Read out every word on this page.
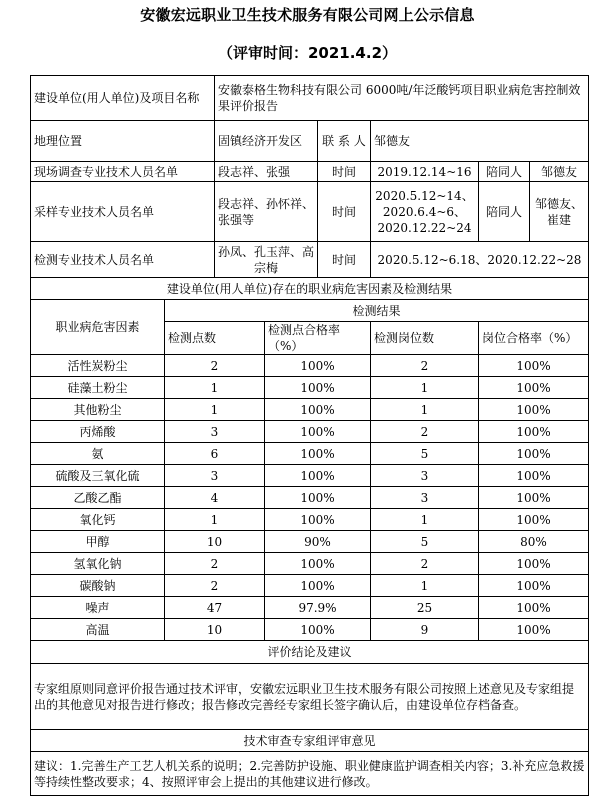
安徽宏远职业卫生技术服务有限公司网上公示信息
（评审时间：2021.4.2）
建设单位(用人单位)及项目名称		安徽泰格生物科技有限公司 6000吨/年泛酸钙项目职业病危害控制效果评价报告					
地理位置		固镇经济开发区		联 系 人	邹德友		
现场调查专业技术人员名单		段志祥、张强		时间	2019.12.14~16	陪同人	邹德友
采样专业技术人员名单		段志祥、孙怀祥、张强等		时间	2020.5.12~14、2020.6.4~6、2020.12.22~24	陪同人	邹德友、崔建
检测专业技术人员名单		孙凤、孔玉萍、高宗梅		时间	2020.5.12~6.18、2020.12.22~28		
建设单位(用人单位)存在的职业病危害因素及检测结果							
职业病危害因素	检测结果						
	检测点数		检测点合格率（%）		检测岗位数	岗位合格率（%）	
活性炭粉尘	2		100%		2	100%	
硅藻土粉尘	1		100%		1	100%	
其他粉尘	1		100%		1	100%	
丙烯酸	3		100%		2	100%	
氨	6		100%		5	100%	
硫酸及三氧化硫	3		100%		3	100%	
乙酸乙酯	4		100%		3	100%	
氧化钙	1		100%		1	100%	
甲醇	10		90%		5	80%	
氢氧化钠	2		100%		2	100%	
碳酸钠	2		100%		1	100%	
噪声	47		97.9%		25	100%	
高温	10		100%		9	100%	
评价结论及建议							
专家组原则同意评价报告通过技术评审，安徽宏远职业卫生技术服务有限公司按照上述意见及专家组提出的其他意见对报告进行修改；报告修改完善经专家组长签字确认后，由建设单位存档备查。							
技术审查专家组评审意见							
建议：1.完善生产工艺人机关系的说明；2.完善防护设施、职业健康监护调查相关内容；3.补充应急救援等持续性整改要求；4、按照评审会上提出的其他建议进行修改。							
